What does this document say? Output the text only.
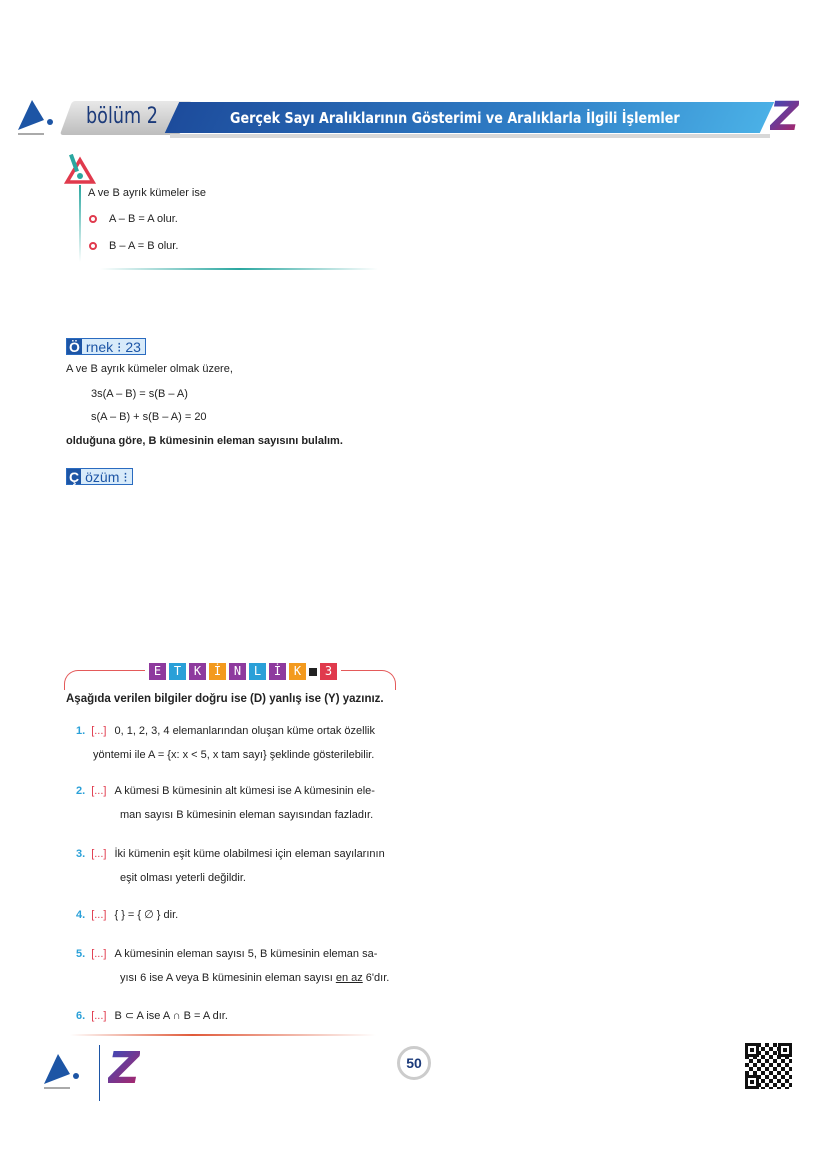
bölüm 2	Gerçek Sayı Aralıklarının Gösterimi ve Aralıklarla İlgili İşlemler Z
A ve B ayrık kümeler ise
A – B = A olur.
B – A = B olur.
Ö rnek ⁝ 23
A ve B ayrık kümeler olmak üzere,
3s(A – B) = s(B – A)
s(A – B) + s(B – A) = 20
olduğuna göre, B kümesinin eleman sayısını bulalım.
Ç özüm ⁝
E	T	K	İ	N	L	İ	K	3
Aşağıda verilen bilgiler doğru ise (D) yanlış ise (Y) yazınız.
1. [...] 0, 1, 2, 3, 4 elemanlarından oluşan küme ortak özellik
yöntemi ile A = {x: x < 5, x tam sayı} şeklinde gösterilebilir.
2. [...] A kümesi B kümesinin alt kümesi ise A kümesinin ele-
man sayısı B kümesinin eleman sayısından fazladır.
3. [...] İki kümenin eşit küme olabilmesi için eleman sayılarının
eşit olması yeterli değildir.
4. [...] { } = { ∅ } dir.
5. [...] A kümesinin eleman sayısı 5, B kümesinin eleman sa-
yısı 6 ise A veya B kümesinin eleman sayısı en az 6'dır.
6. [...] B ⊂ A ise A ∩ B = A dır.
Z	50
